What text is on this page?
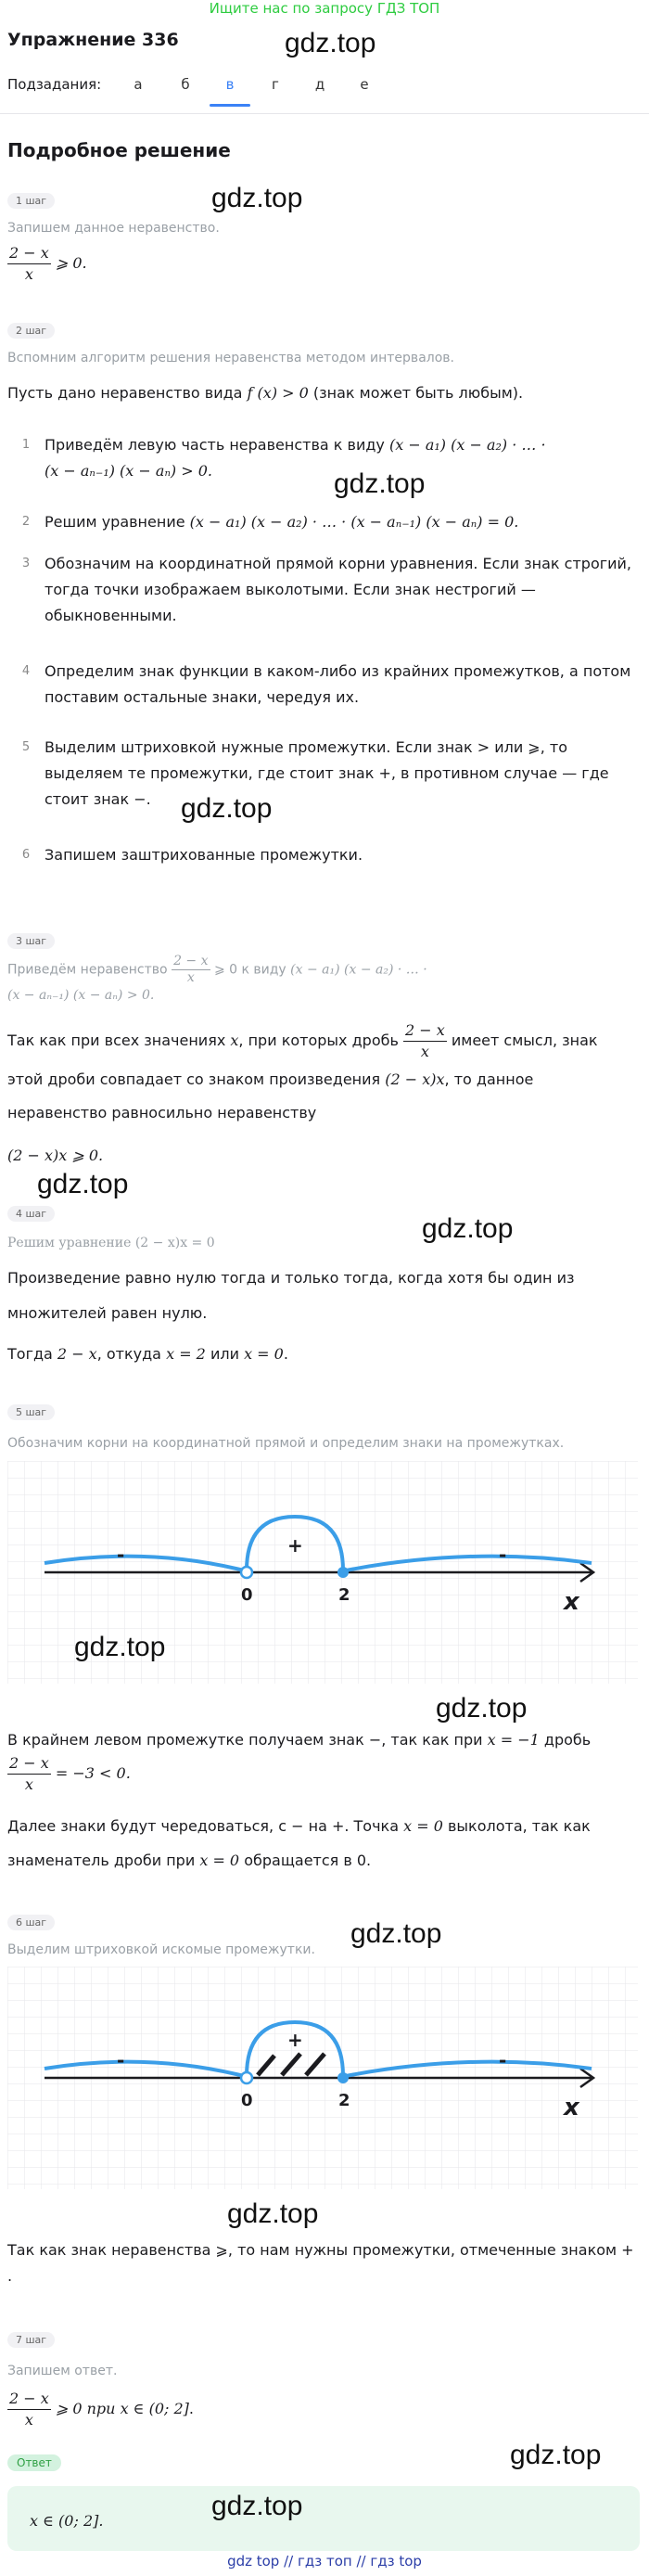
Ищите нас по запросу ГДЗ ТОП
Упражнение 336	gdz.top
Подзадания:	а	б	в	г	д	е
Подробное решение
1 шаг	gdz.top
Запишем данное неравенство.
$\frac{2 - x}{x}$ ⩾ 0.
2 шаг
Вспомним алгоритм решения неравенства методом интервалов.
Пусть дано неравенство вида f (x) > 0 (знак может быть любым).
1 Приведём левую часть неравенства к виду (x − a₁) (x − a₂) · … ·
(x − aₙ₋₁) (x − aₙ) > 0.	gdz.top
2 Решим уравнение (x − a₁) (x − a₂) · … · (x − aₙ₋₁) (x − aₙ) = 0.
3 Обозначим на координатной прямой корни уравнения. Если знак строгий,
тогда точки изображаем выколотыми. Если знак нестрогий —
обыкновенными.
4 Определим знак функции в каком-либо из крайних промежутков, а потом
поставим остальные знаки, чередуя их.
5 Выделим штриховкой нужные промежутки. Если знак > или ⩾, то
выделяем те промежутки, где стоит знак +, в противном случае — где
стоит знак −.	gdz.top
6 Запишем заштрихованные промежутки.
3 шаг
Приведём неравенство $\frac{2 - x}{x}$ ⩾ 0 к виду (x − a₁) (x − a₂) · … ·
(x − aₙ₋₁) (x − aₙ) > 0.
Так как при всех значениях x, при которых дробь $\frac{2 - x}{x}$ имеет смысл, знак
этой дроби совпадает со знаком произведения (2 − x)x, то данное
неравенство равносильно неравенству
(2 − x)x ⩾ 0.
gdz.top
4 шаг	gdz.top
Решим уравнение (2 − x)x = 0
Произведение равно нулю тогда и только тогда, когда хотя бы один из
множителей равен нулю.
Тогда 2 − x, откуда x = 2 или x = 0.
5 шаг
Обозначим корни на координатной прямой и определим знаки на промежутках.
-	+	-
0	2	x
gdz.top
gdz.top
В крайнем левом промежутке получаем знак −, так как при x = −1 дробь
$\frac{2 - x}{x} = -3 < 0$.
Далее знаки будут чередоваться, с − на +. Точка x = 0 выколота, так как
знаменатель дроби при x = 0 обращается в 0.
6 шаг	gdz.top
Выделим штриховкой искомые промежутки.
-
+
-
0	2	x
gdz.top
Так как знак неравенства ⩾, то нам нужны промежутки, отмеченные знаком +
.
7 шаг
Запишем ответ.
$\frac{2 - x}{x}$ ⩾ 0 при x ∈ (0; 2].
Ответ	gdz.top
x ∈ (0; 2].	gdz.top
gdz top // гдз топ // гдз top
